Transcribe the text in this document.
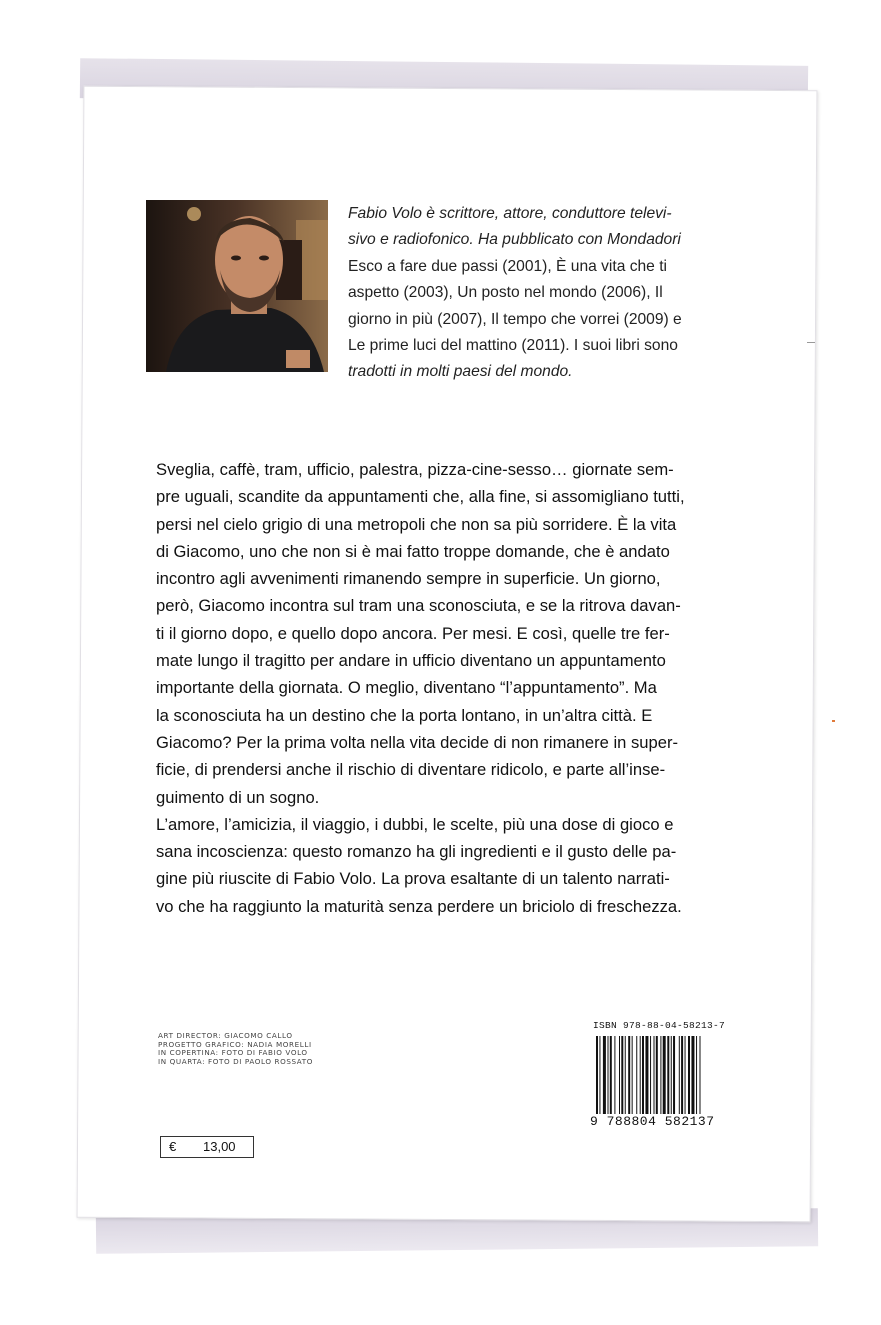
Fabio Volo è scrittore, attore, conduttore televi-
sivo e radiofonico. Ha pubblicato con Mondadori
Esco a fare due passi (2001), È una vita che ti
aspetto (2003), Un posto nel mondo (2006), Il
giorno in più (2007), Il tempo che vorrei (2009) e
Le prime luci del mattino (2011). I suoi libri sono
tradotti in molti paesi del mondo.
Sveglia, caffè, tram, ufficio, palestra, pizza-cine-sesso… giornate sem-
pre uguali, scandite da appuntamenti che, alla fine, si assomigliano tutti,
persi nel cielo grigio di una metropoli che non sa più sorridere. È la vita
di Giacomo, uno che non si è mai fatto troppe domande, che è andato
incontro agli avvenimenti rimanendo sempre in superficie. Un giorno,
però, Giacomo incontra sul tram una sconosciuta, e se la ritrova davan-
ti il giorno dopo, e quello dopo ancora. Per mesi. E così, quelle tre fer-
mate lungo il tragitto per andare in ufficio diventano un appuntamento
importante della giornata. O meglio, diventano “l’appuntamento”. Ma
la sconosciuta ha un destino che la porta lontano, in un’altra città. E
Giacomo? Per la prima volta nella vita decide di non rimanere in super-
ficie, di prendersi anche il rischio di diventare ridicolo, e parte all’inse-
guimento di un sogno.
L’amore, l’amicizia, il viaggio, i dubbi, le scelte, più una dose di gioco e
sana incoscienza: questo romanzo ha gli ingredienti e il gusto delle pa-
gine più riuscite di Fabio Volo. La prova esaltante di un talento narrati-
vo che ha raggiunto la maturità senza perdere un briciolo di freschezza.
ART DIRECTOR: GIACOMO CALLO
PROGETTO GRAFICO: NADIA MORELLI
IN COPERTINA: FOTO DI FABIO VOLO
IN QUARTA: FOTO DI PAOLO ROSSATO
ISBN 978-88-04-58213-7
9 788804 582137
€ 13,00
